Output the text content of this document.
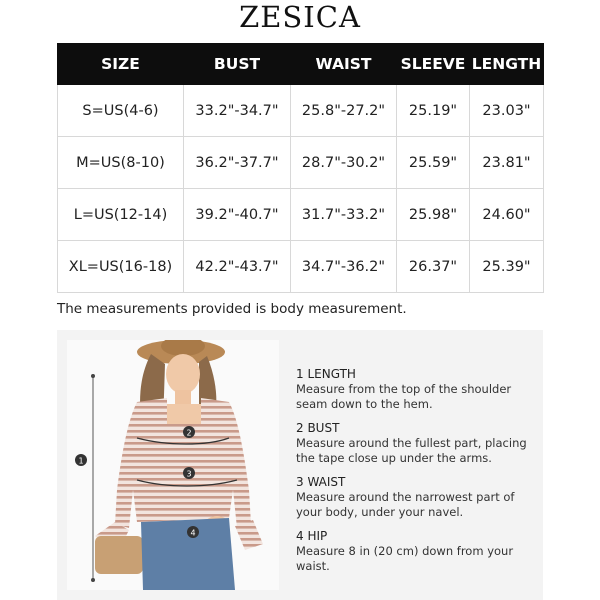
ZESICA
SIZE	BUST	WAIST	SLEEVE	LENGTH
S=US(4-6)	33.2"-34.7"	25.8"-27.2"	25.19"	23.03"
M=US(8-10)	36.2"-37.7"	28.7"-30.2"	25.59"	23.81"
L=US(12-14)	39.2"-40.7"	31.7"-33.2"	25.98"	24.60"
XL=US(16-18)	42.2"-43.7"	34.7"-36.2"	26.37"	25.39"
The measurements provided is body measurement.
1
2
3
4
1 LENGTH
Measure from the top of the shoulder seam down to the hem.
2 BUST
Measure around the fullest part, placing the tape close up under the arms.
3 WAIST
Measure around the narrowest part of your body, under your navel.
4 HIP
Measure 8 in (20 cm) down from your waist.
